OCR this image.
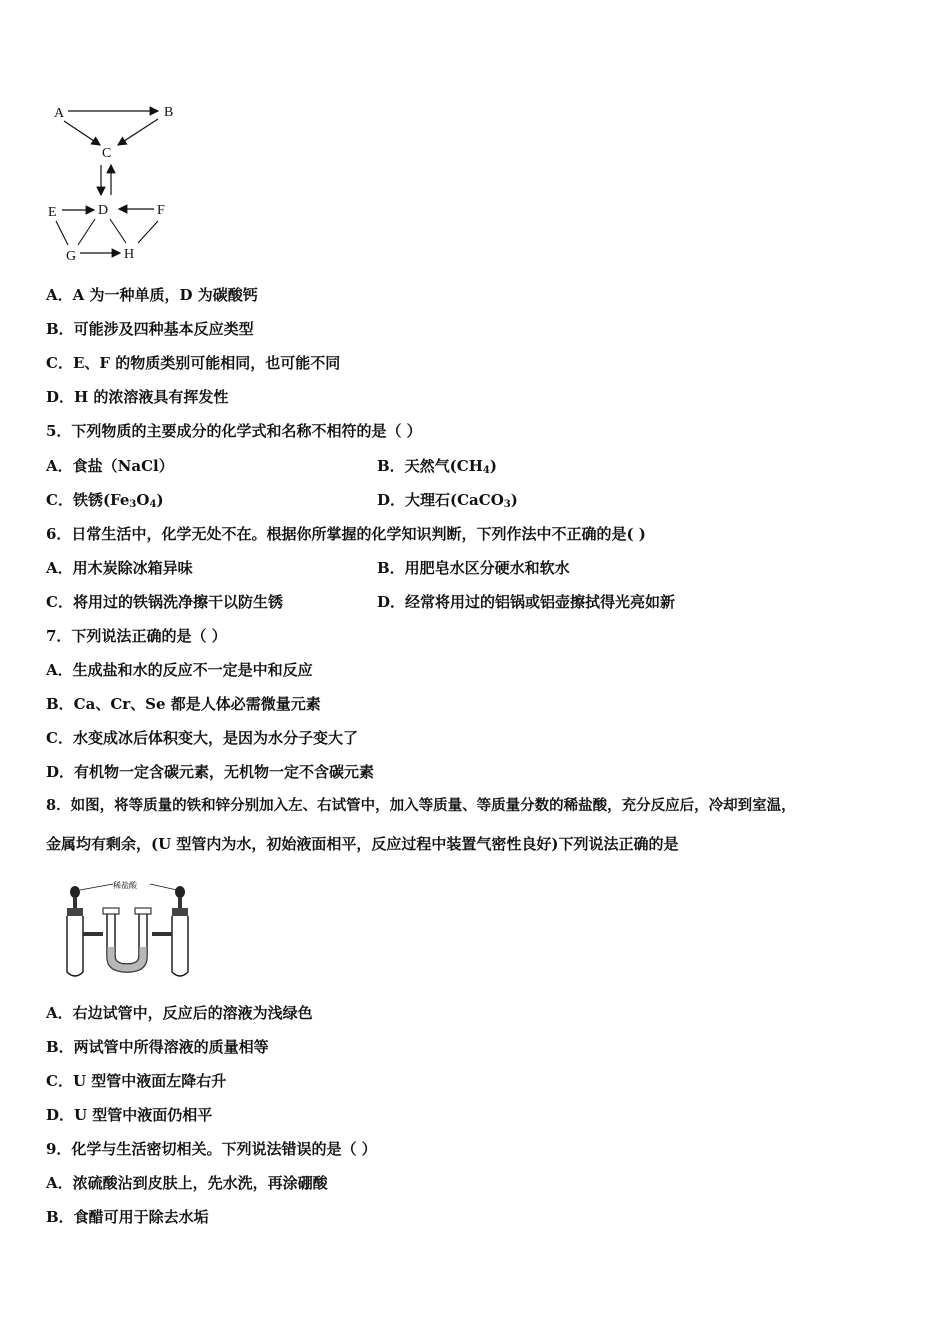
A	B
C
D
E	F
G	H
A．A 为一种单质，D 为碳酸钙
B．可能涉及四种基本反应类型
C．E、F 的物质类别可能相同，也可能不同
D．H 的浓溶液具有挥发性
5．下列物质的主要成分的化学式和名称不相符的是（ ）
A．食盐（NaCl）	B．天然气$(CH_4)$
C．铁锈$(Fe_3O_4)$	D．大理石(CaCO$_3$)
6．日常生活中，化学无处不在。根据你所掌握的化学知识判断，下列作法中不正确的是( )
A．用木炭除冰箱异味	B．用肥皂水区分硬水和软水
C．将用过的铁锅洗净擦干以防生锈	D．经常将用过的铝锅或铝壶擦拭得光亮如新
7．下列说法正确的是（ ）
A．生成盐和水的反应不一定是中和反应
B．Ca、Cr、Se 都是人体必需微量元素
C．水变成冰后体积变大，是因为水分子变大了
D．有机物一定含碳元素，无机物一定不含碳元素
8．如图，将等质量的铁和锌分别加入左、右试管中，加入等质量、等质量分数的稀盐酸，充分反应后，冷却到室温，
金属均有剩余，(U 型管内为水，初始液面相平，反应过程中装置气密性良好)下列说法正确的是
稀盐酸
A．右边试管中，反应后的溶液为浅绿色
B．两试管中所得溶液的质量相等
C．U 型管中液面左降右升
D．U 型管中液面仍相平
9．化学与生活密切相关。下列说法错误的是（ ）
A．浓硫酸沾到皮肤上，先水洗，再涂硼酸
B．食醋可用于除去水垢
